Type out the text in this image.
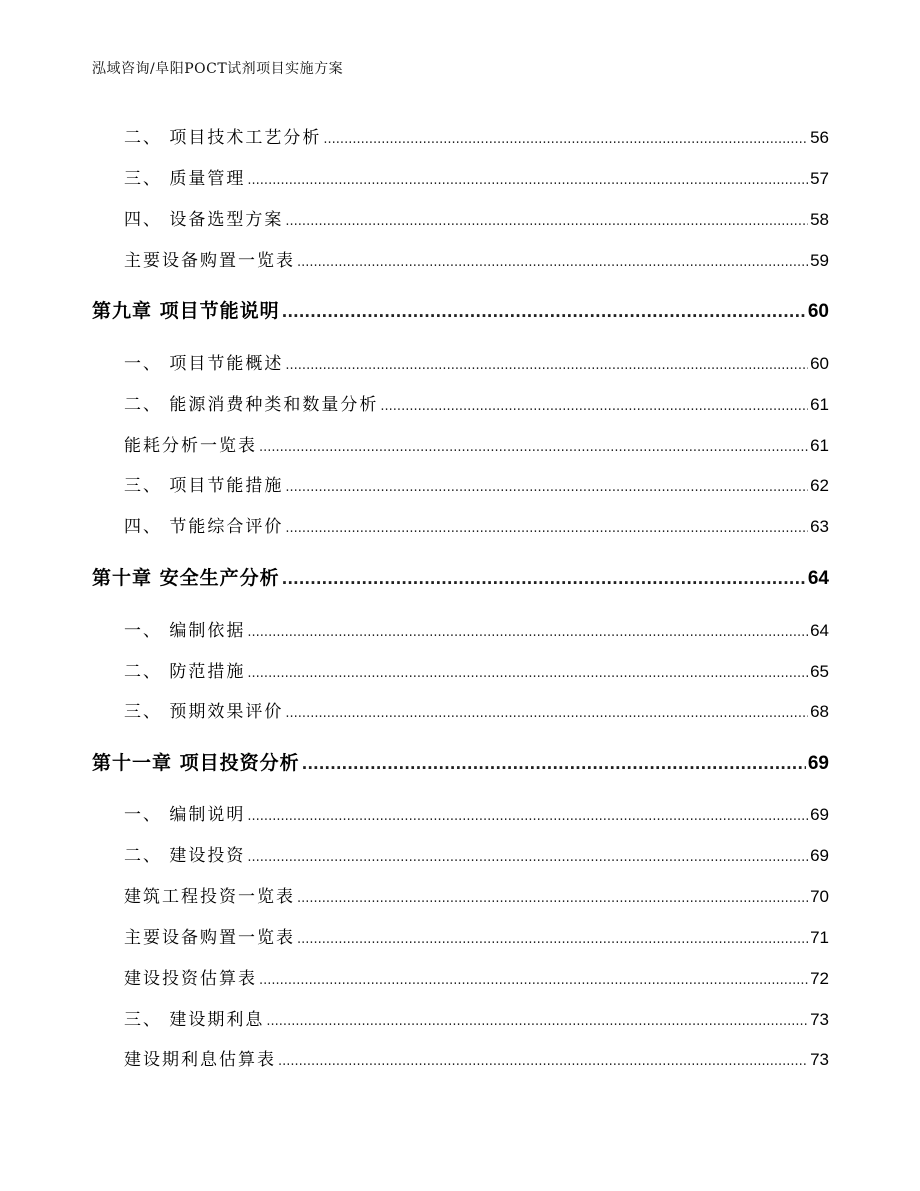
泓域咨询/阜阳POCT试剂项目实施方案
二、 项目技术工艺分析 .....	56
三、 质量管理 .....	57
四、 设备选型方案 .....	58
主要设备购置一览表 .....	59
第九章 项目节能说明 .....	60
一、 项目节能概述 .....	60
二、 能源消费种类和数量分析 .....	61
能耗分析一览表 .....	61
三、 项目节能措施 .....	62
四、 节能综合评价 .....	63
第十章 安全生产分析 .....	64
一、 编制依据 .....	64
二、 防范措施 .....	65
三、 预期效果评价 .....	68
第十一章 项目投资分析 .....	69
一、 编制说明 .....	69
二、 建设投资 .....	69
建筑工程投资一览表 .....	70
主要设备购置一览表 .....	71
建设投资估算表 .....	72
三、 建设期利息 .....	73
建设期利息估算表 .....	73
